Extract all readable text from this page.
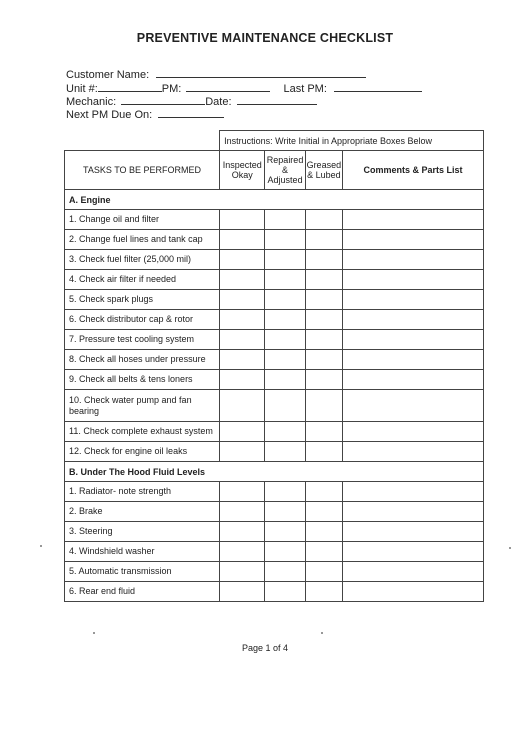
PREVENTIVE MAINTENANCE CHECKLIST
Customer Name:
Unit #:	PM:	Last PM:
Mechanic:	Date:
Next PM Due On:
	Instructions: Write Initial in Appropriate Boxes Below			
TASKS TO BE PERFORMED	Inspected Okay	Repaired & Adjusted	Greased & Lubed	Comments & Parts List
A. Engine				
1. Change oil and filter				
2. Change fuel lines and tank cap				
3. Check fuel filter (25,000 mil)				
4. Check air filter if needed				
5. Check spark plugs				
6. Check distributor cap & rotor				
7. Pressure test cooling system				
8. Check all hoses under pressure				
9. Check all belts & tens loners				
10. Check water pump and fan bearing				
11. Check complete exhaust system				
12. Check for engine oil leaks				
B. Under The Hood Fluid Levels				
1. Radiator- note strength				
2. Brake				
3. Steering				
4. Windshield washer				
5. Automatic transmission				
6. Rear end fluid				
Page 1 of 4
